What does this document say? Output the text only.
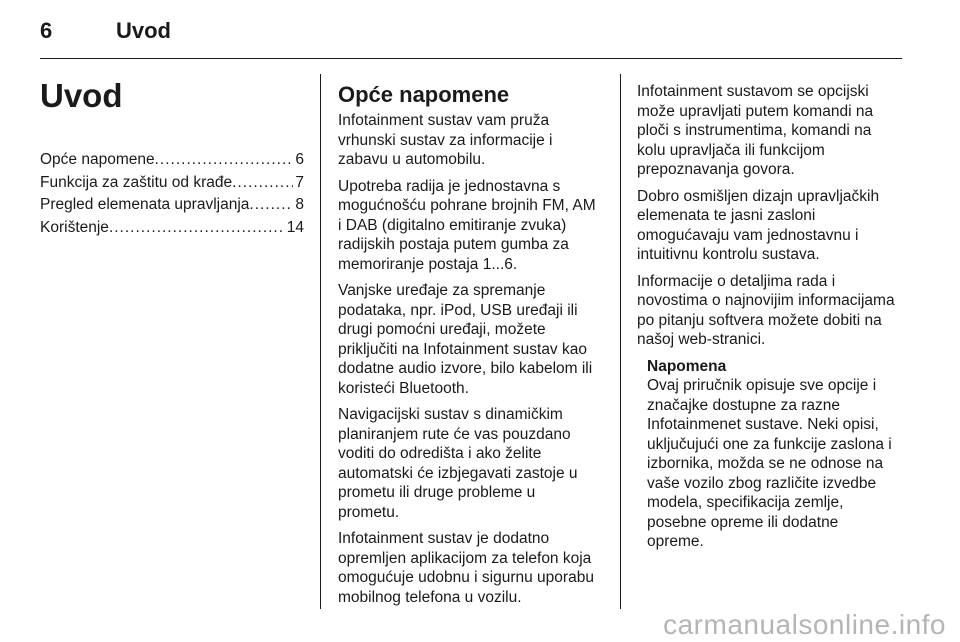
6	Uvod
Uvod
Opće napomene .....	6
Funkcija za zaštitu od krađe .....	7
Pregled elemenata upravljanja .....	8
Korištenje .....	14
Opće napomene
Infotainment sustav vam pruža
vrhunski sustav za informacije i
zabavu u automobilu.
Upotreba radija je jednostavna s
mogućnošću pohrane brojnih FM, AM
i DAB (digitalno emitiranje zvuka)
radijskih postaja putem gumba za
memoriranje postaja 1...6.
Vanjske uređaje za spremanje
podataka, npr. iPod, USB uređaji ili
drugi pomoćni uređaji, možete
priključiti na Infotainment sustav kao
dodatne audio izvore, bilo kabelom ili
koristeći Bluetooth.
Navigacijski sustav s dinamičkim
planiranjem rute će vas pouzdano
voditi do odredišta i ako želite
automatski će izbjegavati zastoje u
prometu ili druge probleme u
prometu.
Infotainment sustav je dodatno
opremljen aplikacijom za telefon koja
omogućuje udobnu i sigurnu uporabu
mobilnog telefona u vozilu.
Infotainment sustavom se opcijski
može upravljati putem komandi na
ploči s instrumentima, komandi na
kolu upravljača ili funkcijom
prepoznavanja govora.
Dobro osmišljen dizajn upravljačkih
elemenata te jasni zasloni
omogućavaju vam jednostavnu i
intuitivnu kontrolu sustava.
Informacije o detaljima rada i
novostima o najnovijim informacijama
po pitanju softvera možete dobiti na
našoj web-stranici.
Napomena
Ovaj priručnik opisuje sve opcije i
značajke dostupne za razne
Infotainmenet sustave. Neki opisi,
uključujući one za funkcije zaslona i
izbornika, možda se ne odnose na
vaše vozilo zbog različite izvedbe
modela, specifikacija zemlje,
posebne opreme ili dodatne
opreme.
carmanualsonline.info
